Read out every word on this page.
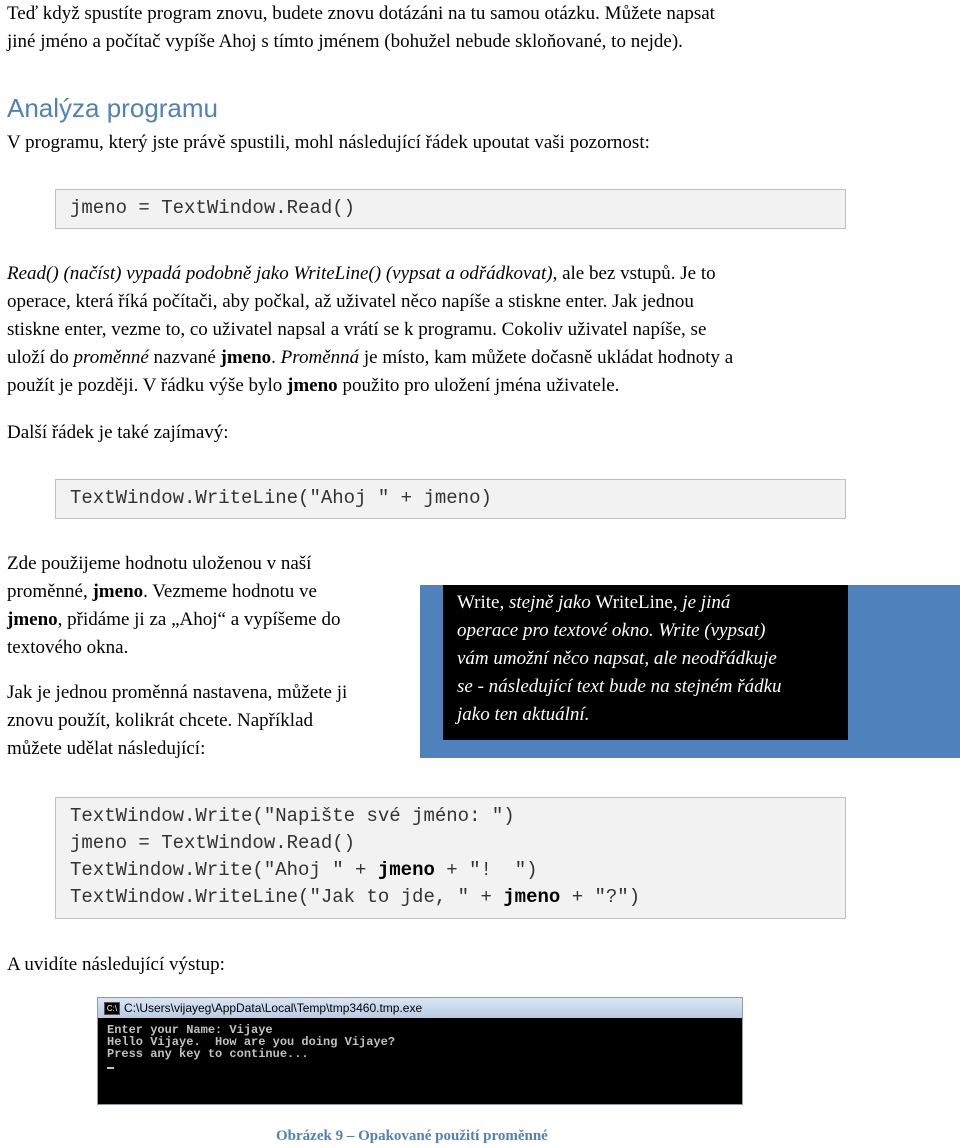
Teď když spustíte program znovu, budete znovu dotázáni na tu samou otázku. Můžete napsat

jiné jméno a počítač vypíše Ahoj s tímto jménem (bohužel nebude skloňované, to nejde).

Analýza programu

V programu, který jste právě spustili, mohl následující řádek upoutat vaši pozornost:

jmeno = TextWindow.Read()

Read() (načíst) vypadá podobně jako WriteLine() (vypsat a odřádkovat), ale bez vstupů. Je to

operace, která říká počítači, aby počkal, až uživatel něco napíše a stiskne enter. Jak jednou

stiskne enter, vezme to, co uživatel napsal a vrátí se k programu. Cokoliv uživatel napíše, se

uloží do proměnné nazvané jmeno. Proměnná je místo, kam můžete dočasně ukládat hodnoty a

použít je později. V řádku výše bylo jmeno použito pro uložení jména uživatele.

Další řádek je také zajímavý:

TextWindow.WriteLine("Ahoj " + jmeno)

Zde použijeme hodnotu uloženou v naší

proměnné, jmeno. Vezmeme hodnotu ve

jmeno, přidáme ji za „Ahoj“ a vypíšeme do

textového okna.

Jak je jednou proměnná nastavena, můžete ji

znovu použít, kolikrát chcete. Například

můžete udělat následující:

Write, stejně jako WriteLine, je jiná
operace pro textové okno. Write (vypsat)
vám umožní něco napsat, ale neodřádkuje
se - následující text bude na stejném řádku
jako ten aktuální.
TextWindow.Write("Napište své jméno: ")
jmeno = TextWindow.Read()
TextWindow.Write("Ahoj " + jmeno + "!  ")
TextWindow.WriteLine("Jak to jde, " + jmeno + "?")

A uvidíte následující výstup:

C:\ C:\Users\vijayeg\AppData\Local\Temp\tmp3460.tmp.exe
Enter your Name: Vijaye
Hello Vijaye.  How are you doing Vijaye?
Press any key to continue...
Obrázek 9 – Opakované použití proměnné
